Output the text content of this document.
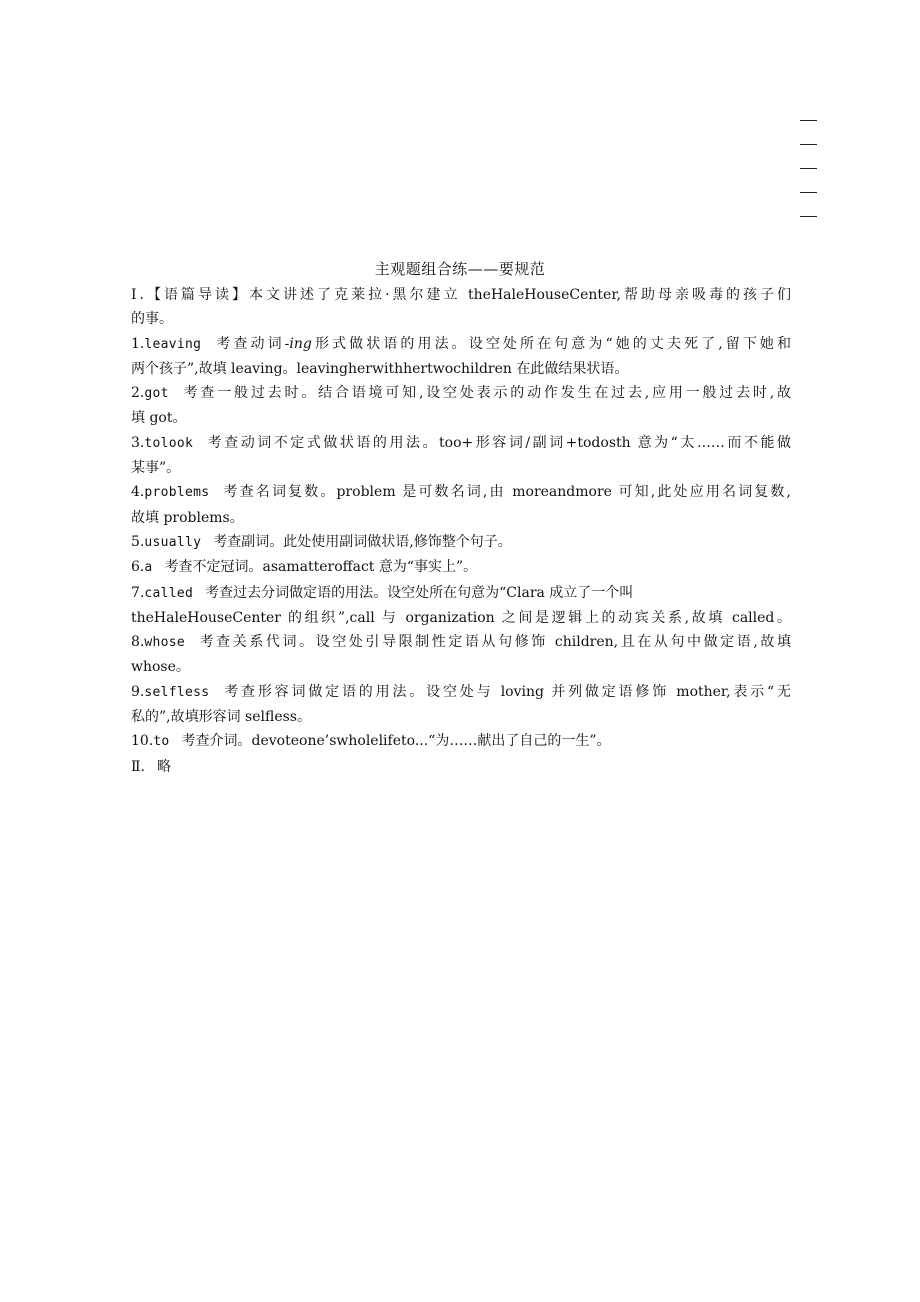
主观题组合练——要规范
Ⅰ.【语篇导读】本文讲述了克莱拉·黑尔建立 theHaleHouseCenter,帮助母亲吸毒的孩子们
的事。
1.leaving 考查动词-ing形式做状语的用法。设空处所在句意为“她的丈夫死了,留下她和
两个孩子”,故填 leaving。leavingherwithhertwochildren 在此做结果状语。
2.got 考查一般过去时。结合语境可知,设空处表示的动作发生在过去,应用一般过去时,故
填 got。
3.tolook 考查动词不定式做状语的用法。too+形容词/副词+todosth 意为“太……而不能做
某事”。
4.problems 考查名词复数。problem 是可数名词,由 moreandmore 可知,此处应用名词复数,
故填 problems。
5.usually 考查副词。此处使用副词做状语,修饰整个句子。
6.a 考查不定冠词。asamatteroffact 意为“事实上”。
7.called 考查过去分词做定语的用法。设空处所在句意为“Clara 成立了一个叫
theHaleHouseCenter 的组织”,call 与 organization 之间是逻辑上的动宾关系,故填 called。
8.whose 考查关系代词。设空处引导限制性定语从句修饰 children,且在从句中做定语,故填
whose。
9.selfless 考查形容词做定语的用法。设空处与 loving 并列做定语修饰 mother,表示“无
私的”,故填形容词 selfless。
10.to 考查介词。devoteone’swholelifeto...“为……献出了自己的一生”。
Ⅱ. 略
